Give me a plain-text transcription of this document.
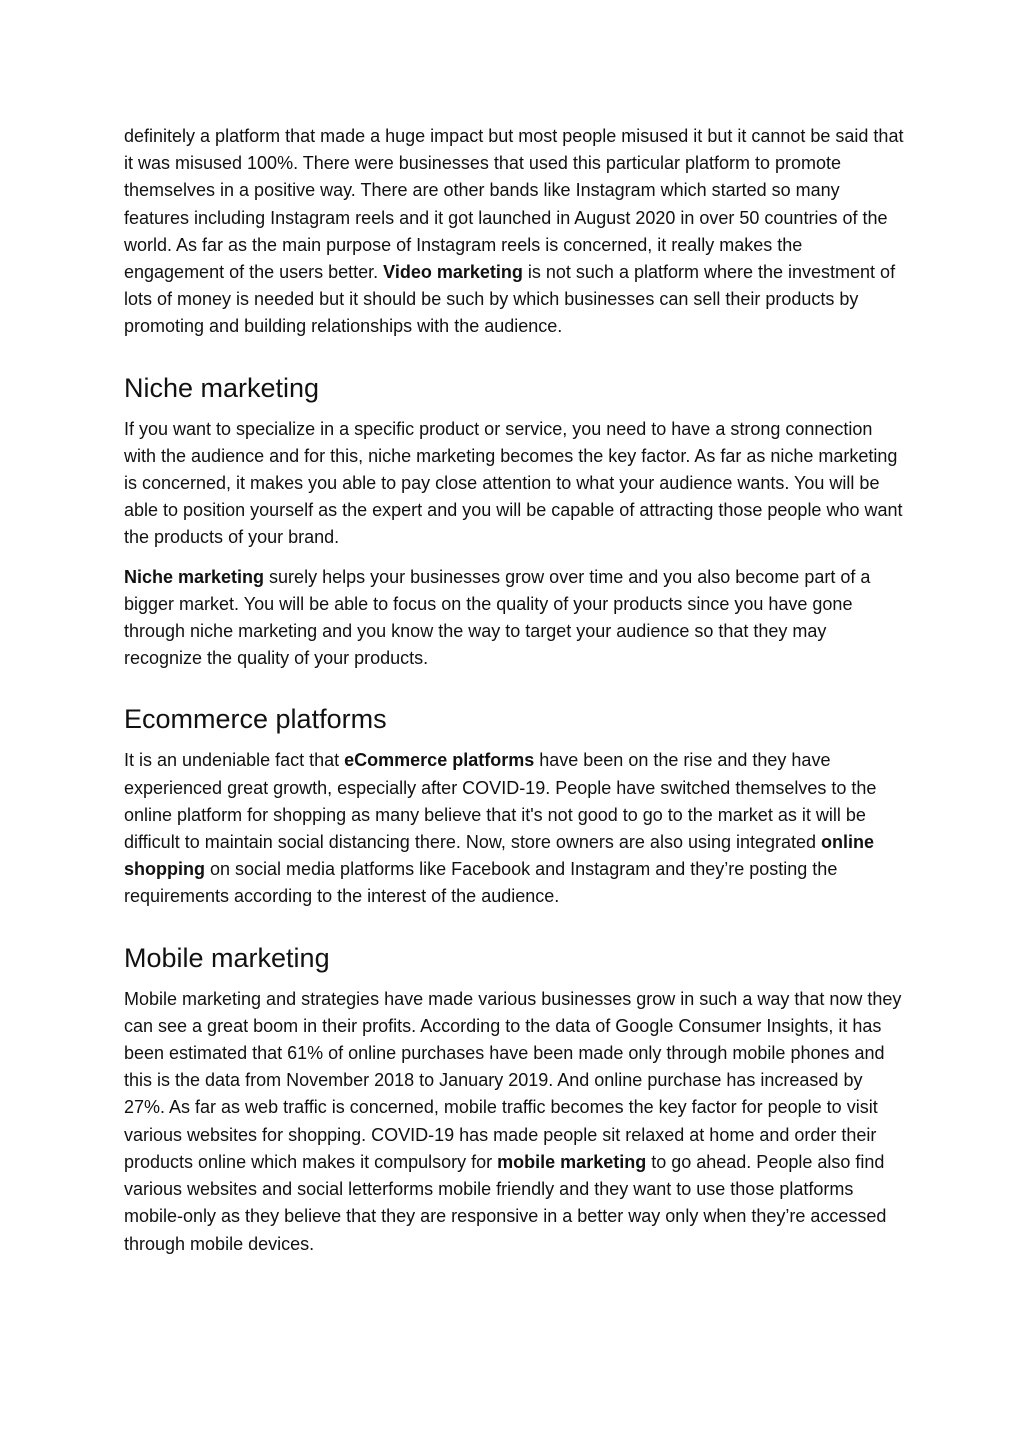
definitely a platform that made a huge impact but most people misused it but it cannot be said that it was misused 100%. There were businesses that used this particular platform to promote themselves in a positive way. There are other bands like Instagram which started so many features including Instagram reels and it got launched in August 2020 in over 50 countries of the world. As far as the main purpose of Instagram reels is concerned, it really makes the engagement of the users better. Video marketing is not such a platform where the investment of lots of money is needed but it should be such by which businesses can sell their products by promoting and building relationships with the audience.

Niche marketing

If you want to specialize in a specific product or service, you need to have a strong connection with the audience and for this, niche marketing becomes the key factor. As far as niche marketing is concerned, it makes you able to pay close attention to what your audience wants. You will be able to position yourself as the expert and you will be capable of attracting those people who want the products of your brand.

Niche marketing surely helps your businesses grow over time and you also become part of a bigger market. You will be able to focus on the quality of your products since you have gone through niche marketing and you know the way to target your audience so that they may recognize the quality of your products.

Ecommerce platforms

It is an undeniable fact that eCommerce platforms have been on the rise and they have experienced great growth, especially after COVID-19. People have switched themselves to the online platform for shopping as many believe that it's not good to go to the market as it will be difficult to maintain social distancing there. Now, store owners are also using integrated online shopping on social media platforms like Facebook and Instagram and they’re posting the requirements according to the interest of the audience.

Mobile marketing

Mobile marketing and strategies have made various businesses grow in such a way that now they can see a great boom in their profits. According to the data of Google Consumer Insights, it has been estimated that 61% of online purchases have been made only through mobile phones and this is the data from November 2018 to January 2019. And online purchase has increased by 27%. As far as web traffic is concerned, mobile traffic becomes the key factor for people to visit various websites for shopping. COVID-19 has made people sit relaxed at home and order their products online which makes it compulsory for mobile marketing to go ahead. People also find various websites and social letterforms mobile friendly and they want to use those platforms mobile-only as they believe that they are responsive in a better way only when they’re accessed through mobile devices.
